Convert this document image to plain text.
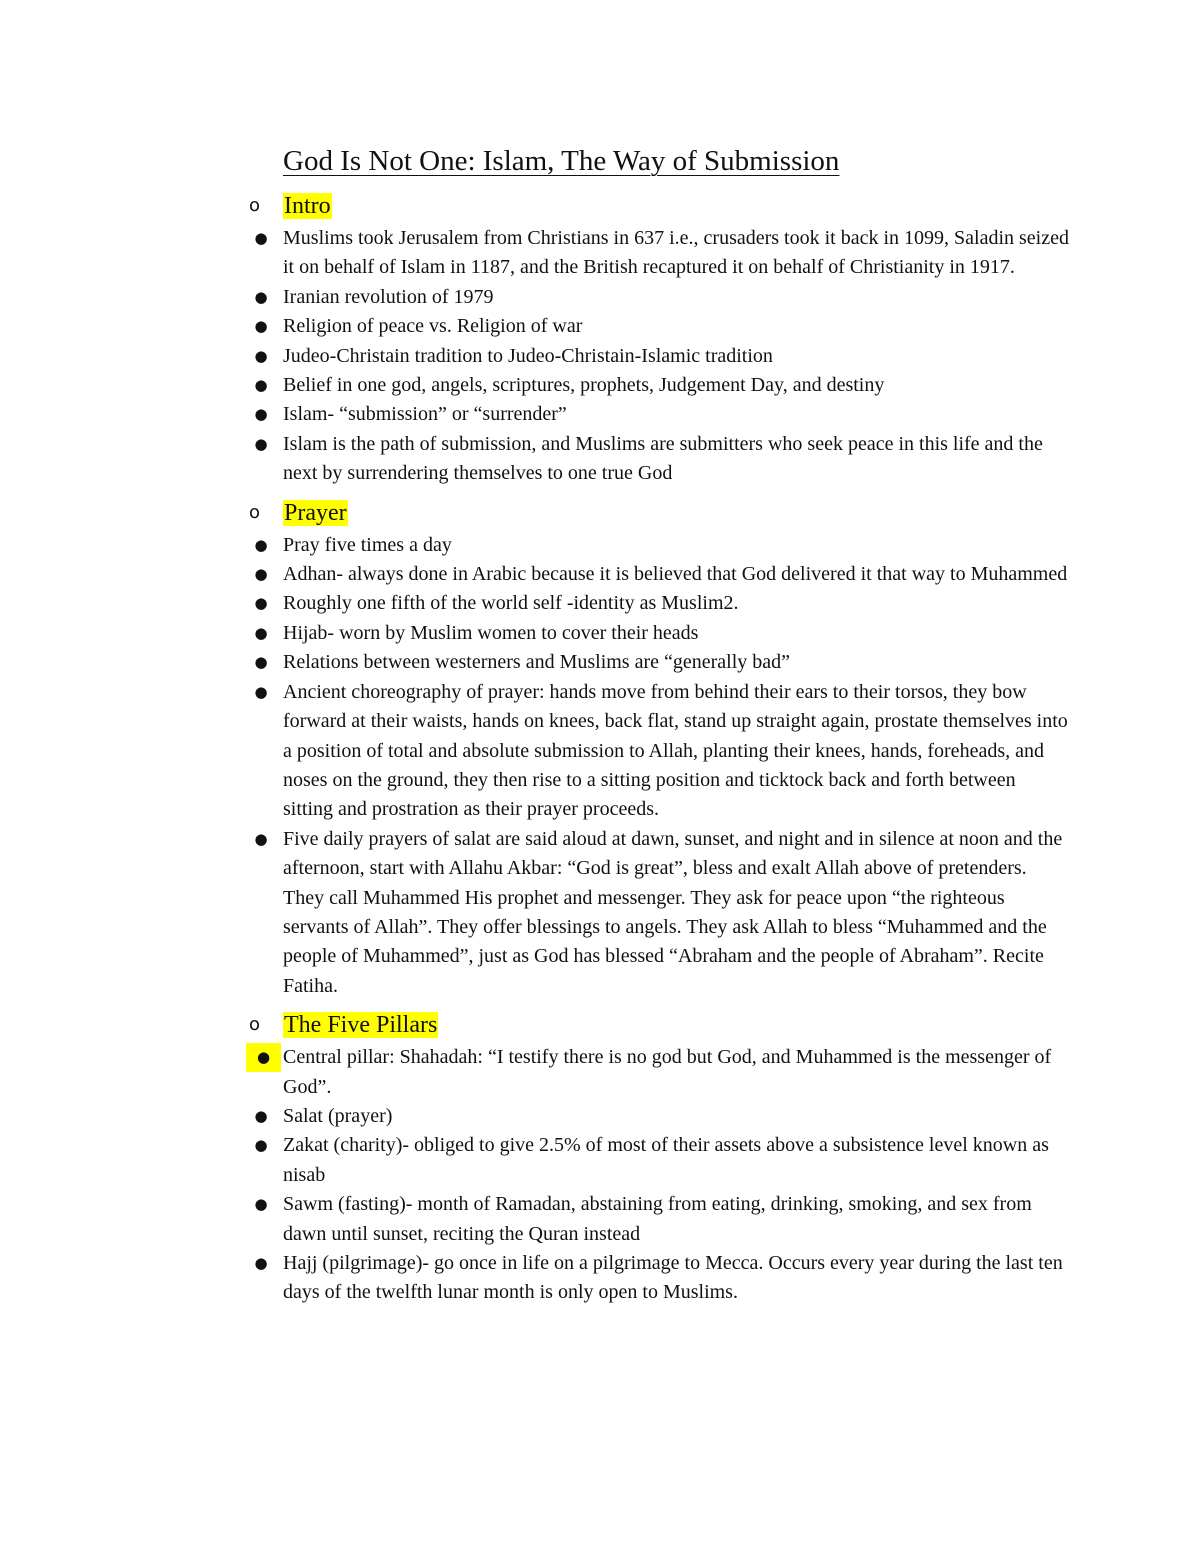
God Is Not One: Islam, The Way of Submission
o Intro
● Muslims took Jerusalem from Christians in 637 i.e., crusaders took it back in 1099, Saladin seized it on behalf of Islam in 1187, and the British recaptured it on behalf of Christianity in 1917.
● Iranian revolution of 1979
● Religion of peace vs. Religion of war
● Judeo-Christain tradition to Judeo-Christain-Islamic tradition
● Belief in one god, angels, scriptures, prophets, Judgement Day, and destiny
● Islam- “submission” or “surrender”
● Islam is the path of submission, and Muslims are submitters who seek peace in this life and the next by surrendering themselves to one true God
o Prayer
● Pray five times a day
● Adhan- always done in Arabic because it is believed that God delivered it that way to Muhammed
● Roughly one fifth of the world self -identity as Muslim2.
● Hijab- worn by Muslim women to cover their heads
● Relations between westerners and Muslims are “generally bad”
● Ancient choreography of prayer: hands move from behind their ears to their torsos, they bow forward at their waists, hands on knees, back flat, stand up straight again, prostate themselves into a position of total and absolute submission to Allah, planting their knees, hands, foreheads, and noses on the ground, they then rise to a sitting position and ticktock back and forth between sitting and prostration as their prayer proceeds.
● Five daily prayers of salat are said aloud at dawn, sunset, and night and in silence at noon and the afternoon, start with Allahu Akbar: “God is great”, bless and exalt Allah above of pretenders. They call Muhammed His prophet and messenger. They ask for peace upon “the righteous servants of Allah”. They offer blessings to angels. They ask Allah to bless “Muhammed and the people of Muhammed”, just as God has blessed “Abraham and the people of Abraham”. Recite Fatiha.
o The Five Pillars
● Central pillar: Shahadah: “I testify there is no god but God, and Muhammed is the messenger of God”.
● Salat (prayer)
● Zakat (charity)- obliged to give 2.5% of most of their assets above a subsistence level known as nisab
● Sawm (fasting)- month of Ramadan, abstaining from eating, drinking, smoking, and sex from dawn until sunset, reciting the Quran instead
● Hajj (pilgrimage)- go once in life on a pilgrimage to Mecca. Occurs every year during the last ten days of the twelfth lunar month is only open to Muslims.
